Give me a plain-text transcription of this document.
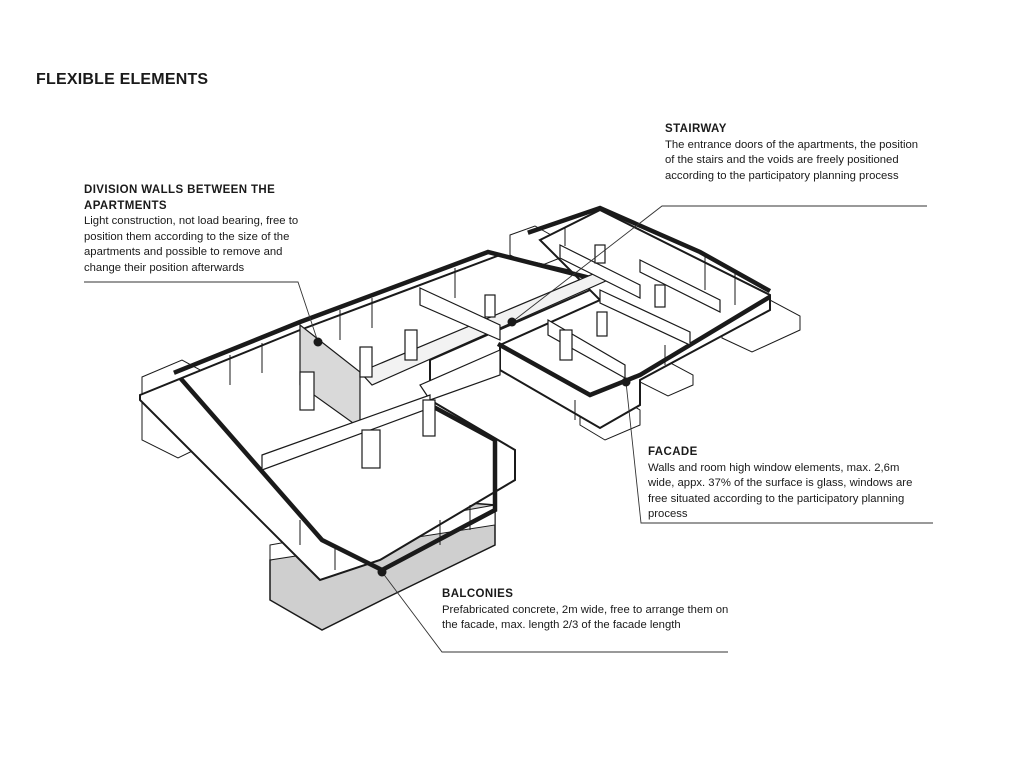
FLEXIBLE ELEMENTS
DIVISION WALLS BETWEEN THE APARTMENTS
Light construction, not load bearing, free to position them according to the size of the apartments and possible to remove and change their position afterwards
STAIRWAY
The entrance doors of the apartments, the position of the stairs and the voids are freely positioned according to the participatory planning process
FACADE
Walls and room high window elements, max. 2,6m wide, appx. 37% of the surface is glass, windows are free situated according to the participatory planning process
BALCONIES
Prefabricated concrete, 2m wide, free to arrange them on the facade, max. length 2/3 of the facade length
